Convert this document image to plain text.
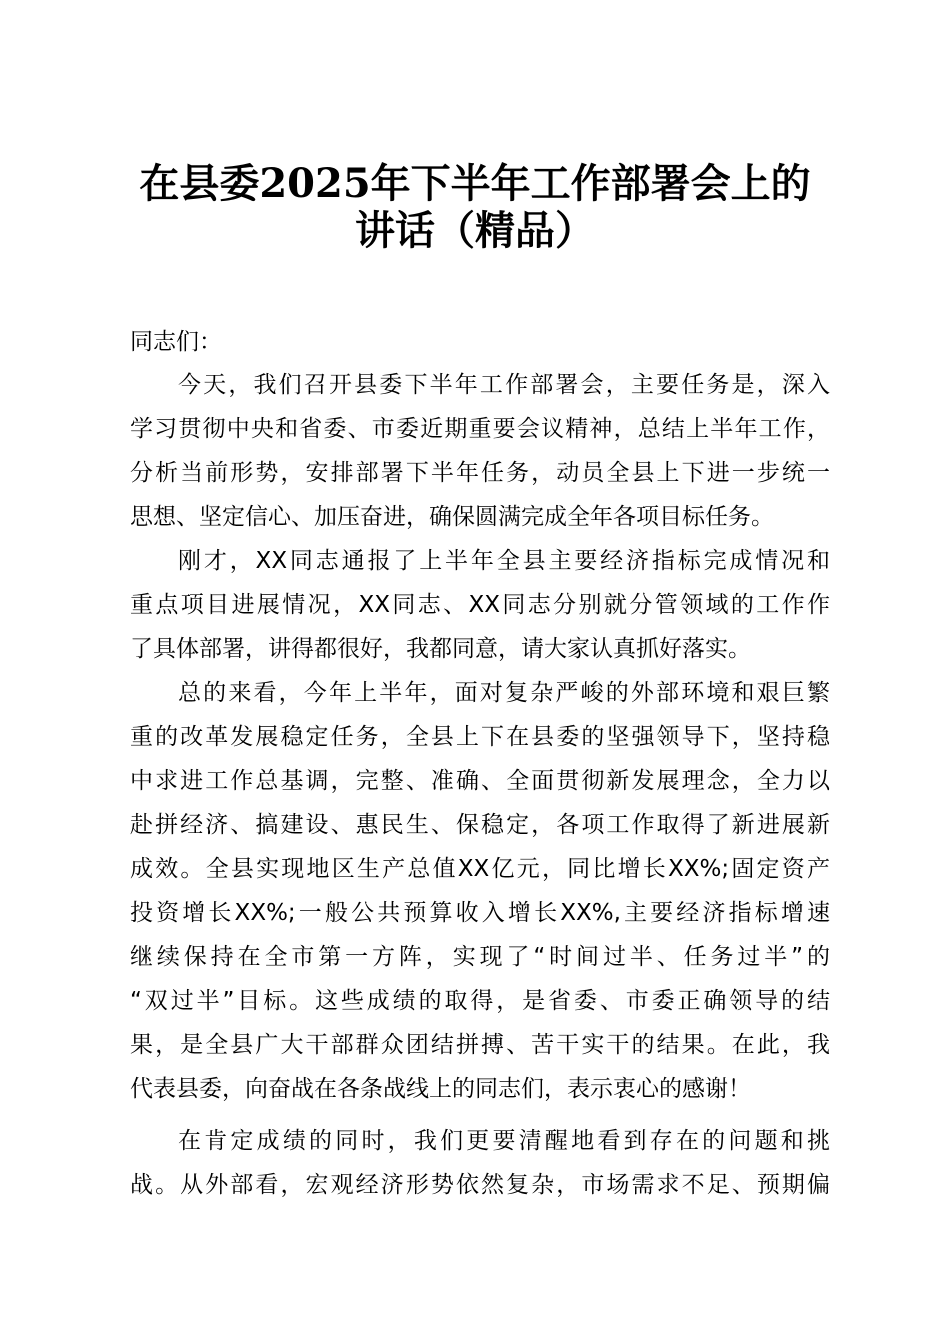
在县委2025年下半年工作部署会上的
讲话（精品）
同志们：
今天，我们召开县委下半年工作部署会，主要任务是，深入
学习贯彻中央和省委、市委近期重要会议精神，总结上半年工作，
分析当前形势，安排部署下半年任务，动员全县上下进一步统一
思想、坚定信心、加压奋进，确保圆满完成全年各项目标任务。
刚才，XX同志通报了上半年全县主要经济指标完成情况和
重点项目进展情况，XX同志、XX同志分别就分管领域的工作作
了具体部署，讲得都很好，我都同意，请大家认真抓好落实。
总的来看，今年上半年，面对复杂严峻的外部环境和艰巨繁
重的改革发展稳定任务，全县上下在县委的坚强领导下，坚持稳
中求进工作总基调，完整、准确、全面贯彻新发展理念，全力以
赴拼经济、搞建设、惠民生、保稳定，各项工作取得了新进展新
成效。全县实现地区生产总值XX亿元，同比增长XX%;固定资产
投资增长XX%;一般公共预算收入增长XX%,主要经济指标增速
继续保持在全市第一方阵，实现了“时间过半、任务过半”的
“双过半”目标。这些成绩的取得，是省委、市委正确领导的结
果，是全县广大干部群众团结拼搏、苦干实干的结果。在此，我
代表县委，向奋战在各条战线上的同志们，表示衷心的感谢！
在肯定成绩的同时，我们更要清醒地看到存在的问题和挑
战。从外部看，宏观经济形势依然复杂，市场需求不足、预期偏
